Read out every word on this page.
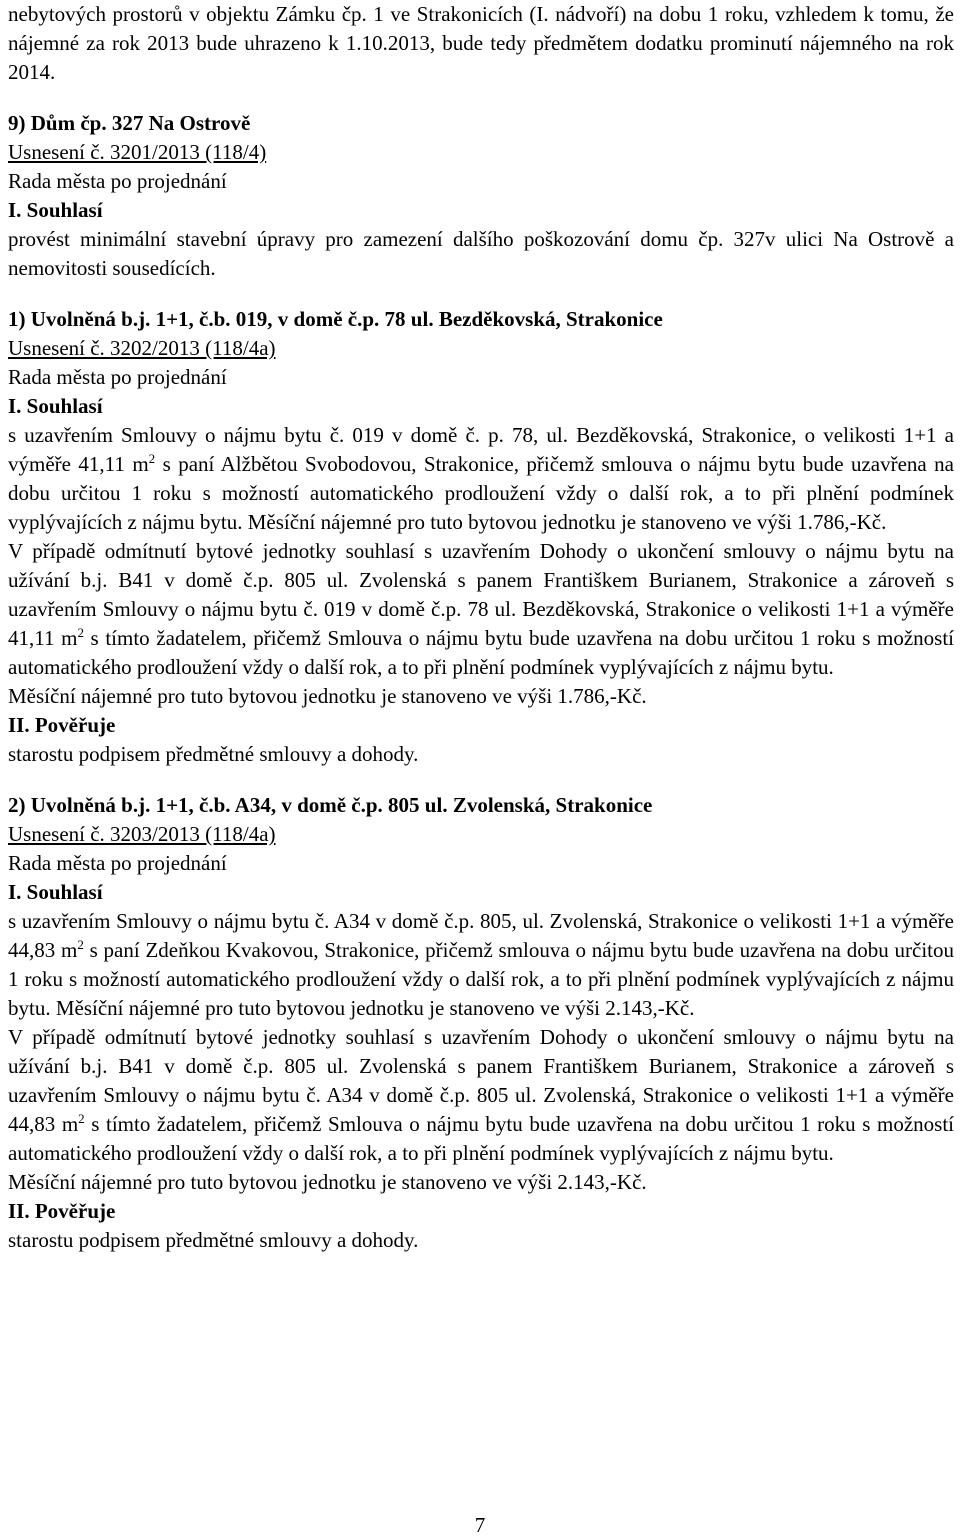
nebytových prostorů v objektu Zámku čp. 1 ve Strakonicích (I. nádvoří) na dobu 1 roku, vzhledem k tomu, že nájemné za rok 2013 bude uhrazeno k 1.10.2013, bude tedy předmětem dodatku prominutí nájemného na rok 2014.

9) Dům čp. 327 Na Ostrově

Usnesení č. 3201/2013 (118/4)

Rada města po projednání

I. Souhlasí

provést minimální stavební úpravy pro zamezení dalšího poškozování domu čp. 327v ulici Na Ostrově a nemovitosti sousedících.

1) Uvolněná b.j. 1+1, č.b. 019, v domě č.p. 78 ul. Bezděkovská, Strakonice

Usnesení č. 3202/2013 (118/4a)

Rada města po projednání

I. Souhlasí

s uzavřením Smlouvy o nájmu bytu č. 019 v domě č. p. 78, ul. Bezděkovská, Strakonice, o velikosti 1+1 a výměře 41,11 $m^2$ s paní Alžbětou Svobodovou, Strakonice, přičemž smlouva o nájmu bytu bude uzavřena na dobu určitou 1 roku s možností automatického prodloužení vždy o další rok, a to při plnění podmínek vyplývajících z nájmu bytu. Měsíční nájemné pro tuto bytovou jednotku je stanoveno ve výši 1.786,-Kč.

V případě odmítnutí bytové jednotky souhlasí s uzavřením Dohody o ukončení smlouvy o nájmu bytu na užívání b.j. B41 v domě č.p. 805 ul. Zvolenská s panem Františkem Burianem, Strakonice a zároveň s uzavřením Smlouvy o nájmu bytu č. 019 v domě č.p. 78 ul. Bezděkovská, Strakonice o velikosti 1+1 a výměře 41,11 $m^2$ s tímto žadatelem, přičemž Smlouva o nájmu bytu bude uzavřena na dobu určitou 1 roku s možností automatického prodloužení vždy o další rok, a to při plnění podmínek vyplývajících z nájmu bytu.

Měsíční nájemné pro tuto bytovou jednotku je stanoveno ve výši 1.786,-Kč.

II. Pověřuje

starostu podpisem předmětné smlouvy a dohody.

2) Uvolněná b.j. 1+1, č.b. A34, v domě č.p. 805 ul. Zvolenská, Strakonice

Usnesení č. 3203/2013 (118/4a)

Rada města po projednání

I. Souhlasí

s uzavřením Smlouvy o nájmu bytu č. A34 v domě č.p. 805, ul. Zvolenská, Strakonice o velikosti 1+1 a výměře 44,83 $m^2$ s paní Zdeňkou Kvakovou, Strakonice, přičemž smlouva o nájmu bytu bude uzavřena na dobu určitou 1 roku s možností automatického prodloužení vždy o další rok, a to při plnění podmínek vyplývajících z nájmu bytu. Měsíční nájemné pro tuto bytovou jednotku je stanoveno ve výši 2.143,-Kč.

V případě odmítnutí bytové jednotky souhlasí s uzavřením Dohody o ukončení smlouvy o nájmu bytu na užívání b.j. B41 v domě č.p. 805 ul. Zvolenská s panem Františkem Burianem, Strakonice a zároveň s uzavřením Smlouvy o nájmu bytu č. A34 v domě č.p. 805 ul. Zvolenská, Strakonice o velikosti 1+1 a výměře 44,83 $m^2$ s tímto žadatelem, přičemž Smlouva o nájmu bytu bude uzavřena na dobu určitou 1 roku s možností automatického prodloužení vždy o další rok, a to při plnění podmínek vyplývajících z nájmu bytu.

Měsíční nájemné pro tuto bytovou jednotku je stanoveno ve výši 2.143,-Kč.

II. Pověřuje

starostu podpisem předmětné smlouvy a dohody.

7
